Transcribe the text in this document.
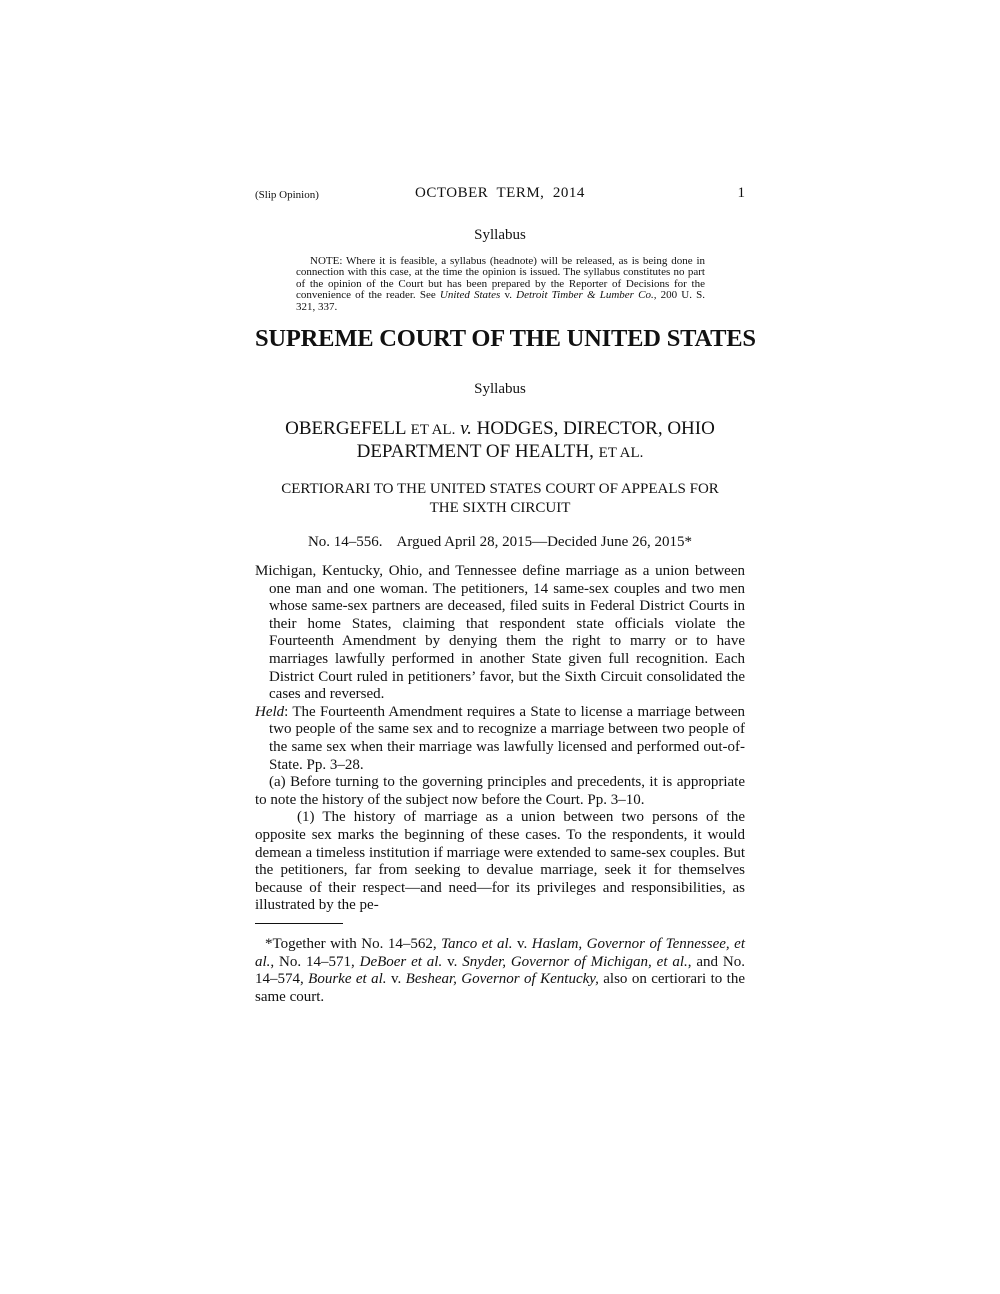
(Slip Opinion)	OCTOBER  TERM,  2014	1
Syllabus
NOTE: Where it is feasible, a syllabus (headnote) will be released, as is being done in connection with this case, at the time the opinion is issued. The syllabus constitutes no part of the opinion of the Court but has been prepared by the Reporter of Decisions for the convenience of the reader. See United States v. Detroit Timber & Lumber Co., 200 U. S. 321, 337.
SUPREME COURT OF THE UNITED STATES
Syllabus
OBERGEFELL ET AL. v. HODGES, DIRECTOR, OHIO
DEPARTMENT OF HEALTH, ET AL.
CERTIORARI TO THE UNITED STATES COURT OF APPEALS FOR
THE SIXTH CIRCUIT
No. 14–556. Argued April 28, 2015—Decided June 26, 2015*

Michigan, Kentucky, Ohio, and Tennessee define marriage as a union between one man and one woman. The petitioners, 14 same-sex couples and two men whose same-sex partners are deceased, filed suits in Federal District Courts in their home States, claiming that respondent state officials violate the Fourteenth Amendment by denying them the right to marry or to have marriages lawfully performed in another State given full recognition. Each District Court ruled in petitioners’ favor, but the Sixth Circuit consolidated the cases and reversed.

Held: The Fourteenth Amendment requires a State to license a marriage between two people of the same sex and to recognize a marriage between two people of the same sex when their marriage was lawfully licensed and performed out-of-State. Pp. 3–28.

(a) Before turning to the governing principles and precedents, it is appropriate to note the history of the subject now before the Court. Pp. 3–10.

(1) The history of marriage as a union between two persons of the opposite sex marks the beginning of these cases. To the respondents, it would demean a timeless institution if marriage were extended to same-sex couples. But the petitioners, far from seeking to devalue marriage, seek it for themselves because of their respect—and need—for its privileges and responsibilities, as illustrated by the pe-

*Together with No. 14–562, Tanco et al. v. Haslam, Governor of Tennessee, et al., No. 14–571, DeBoer et al. v. Snyder, Governor of Michigan, et al., and No. 14–574, Bourke et al. v. Beshear, Governor of Kentucky, also on certiorari to the same court.
